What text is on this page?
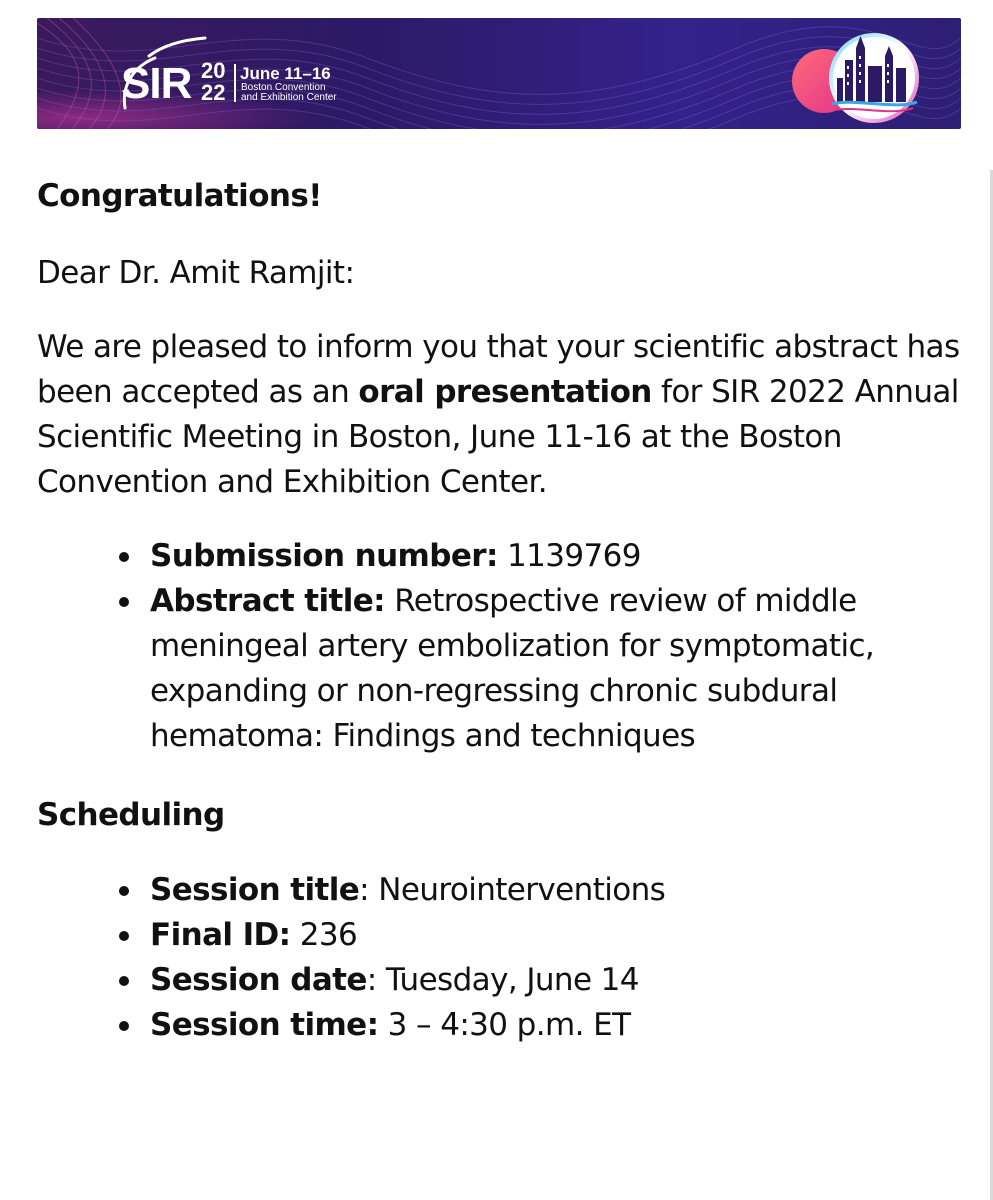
SIR 20
22
June 11–16
Boston Convention
and Exhibition Center
Congratulations!

Dear Dr. Amit Ramjit:

We are pleased to inform you that your scientific abstract has been accepted as an oral presentation for SIR 2022 Annual Scientific Meeting in Boston, June 11-16 at the Boston Convention and Exhibition Center.

Submission number: 1139769
Abstract title: Retrospective review of middle meningeal artery embolization for symptomatic, expanding or non-regressing chronic subdural hematoma: Findings and techniques
Scheduling
Session title: Neurointerventions
Final ID: 236
Session date: Tuesday, June 14
Session time: 3 – 4:30 p.m. ET
